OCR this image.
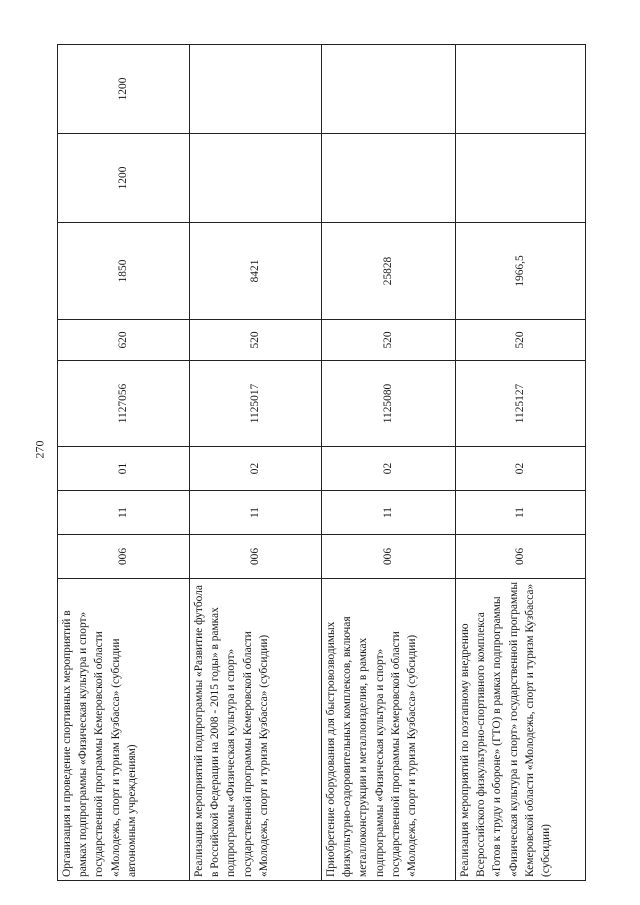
270
Организация и проведение спортивных мероприятий в рамках подпрограммы «Физическая культура и спорт» государственной программы Кемеровской области «Молодежь, спорт и туризм Кузбасса» (субсидии автономным учреждениям)	006	11	01	1127056	620	1850	1200	1200
Реализация мероприятий подпрограммы «Развитие футбола в Российской Федерации на 2008 - 2015 годы» в рамках подпрограммы «Физическая культура и спорт» государственной программы Кемеровской области «Молодежь, спорт и туризм Кузбасса» (субсидии)	006	11	02	1125017	520	8421		
Приобретение оборудования для быстровозводимых физкультурно-оздоровительных комплексов, включая металлоконструкции и металлоизделия, в рамках подпрограммы «Физическая культура и спорт» государственной программы Кемеровской области «Молодежь, спорт и туризм Кузбасса» (субсидии)	006	11	02	1125080	520	25828		
Реализация мероприятий по поэтапному внедрению Всероссийского физкультурно-спортивного комплекса «Готов к труду и обороне» (ГТО) в рамках подпрограммы «Физическая культура и спорт» государственной программы Кемеровской области «Молодежь, спорт и туризм Кузбасса» (субсидии)	006	11	02	1125127	520	1966,5		
